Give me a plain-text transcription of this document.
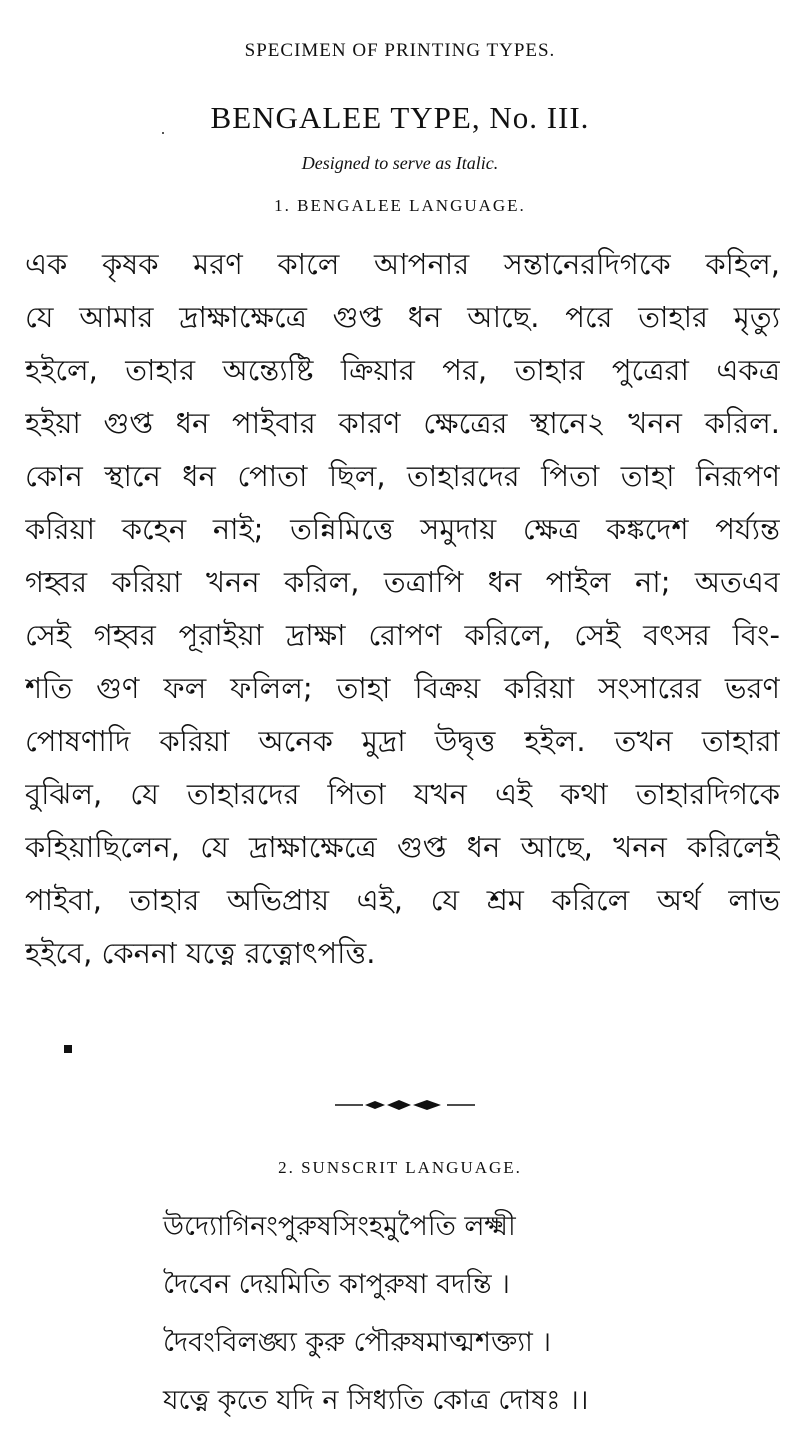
SPECIMEN OF PRINTING TYPES.
BENGALEE TYPE, No. III.
Designed to serve as Italic.
1. BENGALEE LANGUAGE.
এক কৃষক মরণ কালে আপনার সন্তানেরদিগকে কহিল,
যে আমার দ্রাক্ষাক্ষেত্রে গুপ্ত ধন আছে. পরে তাহার মৃত্যু
হইলে, তাহার অন্ত্যেষ্টি ক্রিয়ার পর, তাহার পুত্রেরা একত্র
হইয়া গুপ্ত ধন পাইবার কারণ ক্ষেত্রের স্থানে২ খনন করিল.
কোন স্থানে ধন পোতা ছিল, তাহারদের পিতা তাহা নিরূপণ
করিয়া কহেন নাই; তন্নিমিত্তে সমুদায় ক্ষেত্র কঙ্কদেশ পর্য্যন্ত
গহ্বর করিয়া খনন করিল, তত্রাপি ধন পাইল না; অতএব
সেই গহ্বর পূরাইয়া দ্রাক্ষা রোপণ করিলে, সেই বৎসর বিং-
শতি গুণ ফল ফলিল; তাহা বিক্রয় করিয়া সংসারের ভরণ
পোষণাদি করিয়া অনেক মুদ্রা উদ্বৃত্ত হইল. তখন তাহারা
বুঝিল, যে তাহারদের পিতা যখন এই কথা তাহারদিগকে
কহিয়াছিলেন, যে দ্রাক্ষাক্ষেত্রে গুপ্ত ধন আছে, খনন করিলেই
পাইবা, তাহার অভিপ্রায় এই, যে শ্রম করিলে অর্থ লাভ
হইবে, কেননা যত্নে রত্নোৎপত্তি.
2. SUNSCRIT LANGUAGE.
উদ্যোগিনংপুরুষসিংহমুপৈতি লক্ষ্মী
দৈবেন দেয়মিতি কাপুরুষা বদন্তি ।
দৈবংবিলঙ্ঘ্য কুরু পৌরুষমাত্মশক্ত্যা ।
যত্নে কৃতে যদি ন সিধ্যতি কোত্র দোষঃ ।।
